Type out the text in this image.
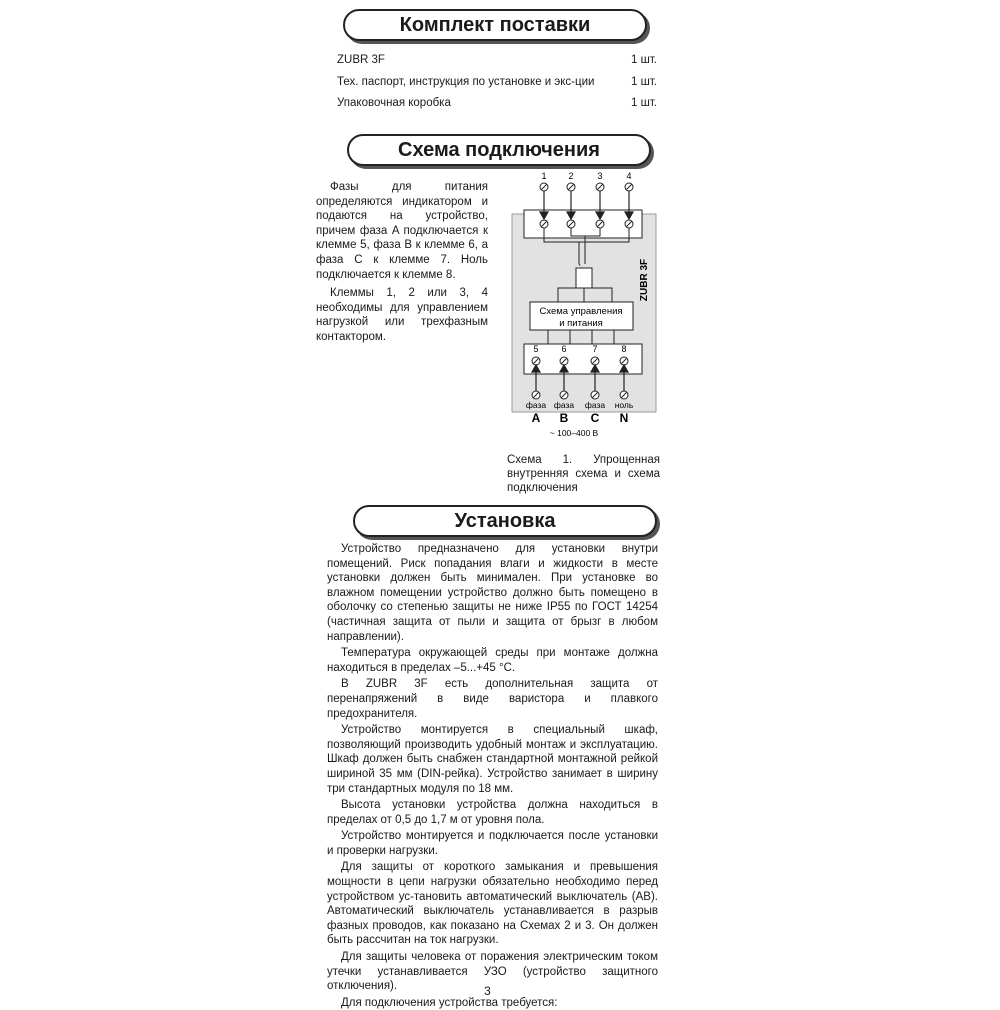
Комплект поставки
ZUBR 3F	1 шт.
Тех. паспорт, инструкция по установке и экс-ции	1 шт.
Упаковочная коробка	1 шт.
Схема подключения

Фазы для питания определяются индикатором и подаются на устройство, причем фаза A подключается к клемме 5, фаза B к клемме 6, а фаза C к клемме 7. Ноль подключается к клемме 8.

Клеммы 1, 2 или 3, 4 необходимы для управлением нагрузкой или трехфазным контактором.

1 2	3	4
Схема управления
и питания
ZUBR 3F
5	6	7	8
фаза фаза фаза ноль
A B C N
~ 100–400 В
Схема 1. Упрощенная внутренняя схема и схема подключения
Установка

Устройство предназначено для установки внутри помещений. Риск попадания влаги и жидкости в месте установки должен быть минимален. При установке во влажном помещении устройство должно быть помещено в оболочку со степенью защиты не ниже IP55 по ГОСТ 14254 (частичная защита от пыли и защита от брызг в любом направлении).

Температура окружающей среды при монтаже должна находиться в пределах –5...+45 °C.

В ZUBR 3F есть дополнительная защита от перенапряжений в виде варистора и плавкого предохранителя.

Устройство монтируется в специальный шкаф, позволяющий производить удобный монтаж и эксплуатацию. Шкаф должен быть снабжен стандартной монтажной рейкой шириной 35 мм (DIN-рейка). Устройство занимает в ширину три стандартных модуля по 18 мм.

Высота установки устройства должна находиться в пределах от 0,5 до 1,7 м от уровня пола.

Устройство монтируется и подключается после установки и проверки нагрузки.

Для защиты от короткого замыкания и превышения мощности в цепи нагрузки обязательно необходимо перед устройством ус-тановить автоматический выключатель (АВ). Автоматический выключатель устанавливается в разрыв фазных проводов, как показано на Схемах 2 и 3. Он должен быть рассчитан на ток нагрузки.

Для защиты человека от поражения электрическим током утечки устанавливается УЗО (устройство защитного отключения).

Для подключения устройства требуется:

3
